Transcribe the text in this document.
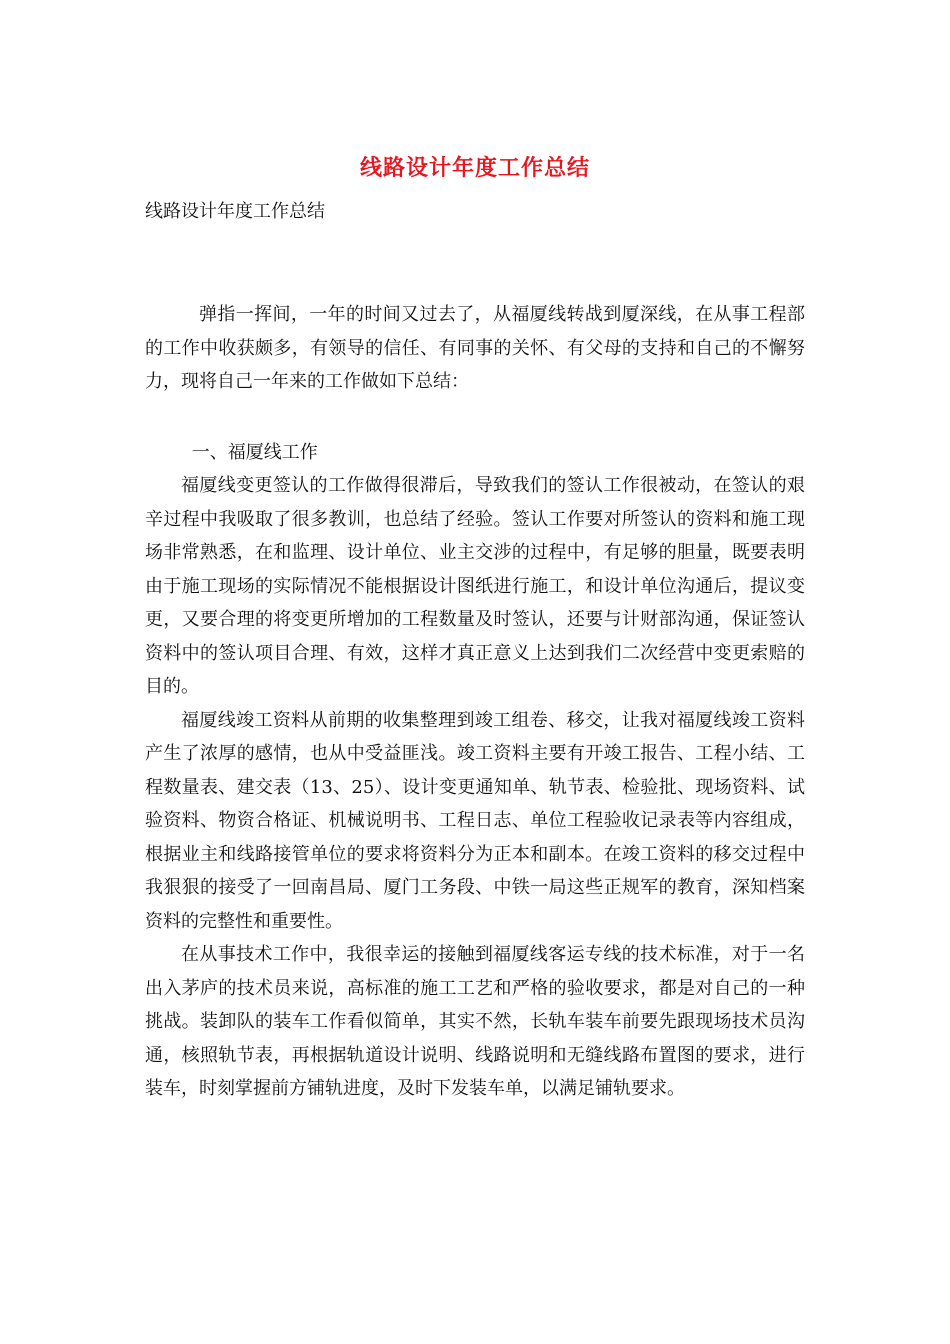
线路设计年度工作总结
线路设计年度工作总结

弹指一挥间，一年的时间又过去了，从福厦线转战到厦深线，在从事工程部的工作中收获颇多，有领导的信任、有同事的关怀、有父母的支持和自己的不懈努力，现将自己一年来的工作做如下总结：

一、福厦线工作

福厦线变更签认的工作做得很滞后，导致我们的签认工作很被动，在签认的艰辛过程中我吸取了很多教训，也总结了经验。签认工作要对所签认的资料和施工现场非常熟悉，在和监理、设计单位、业主交涉的过程中，有足够的胆量，既要表明由于施工现场的实际情况不能根据设计图纸进行施工，和设计单位沟通后，提议变更，又要合理的将变更所增加的工程数量及时签认，还要与计财部沟通，保证签认资料中的签认项目合理、有效，这样才真正意义上达到我们二次经营中变更索赔的目的。

福厦线竣工资料从前期的收集整理到竣工组卷、移交，让我对福厦线竣工资料产生了浓厚的感情，也从中受益匪浅。竣工资料主要有开竣工报告、工程小结、工程数量表、建交表（13、25）、设计变更通知单、轨节表、检验批、现场资料、试验资料、物资合格证、机械说明书、工程日志、单位工程验收记录表等内容组成，根据业主和线路接管单位的要求将资料分为正本和副本。在竣工资料的移交过程中我狠狠的接受了一回南昌局、厦门工务段、中铁一局这些正规军的教育，深知档案资料的完整性和重要性。

在从事技术工作中，我很幸运的接触到福厦线客运专线的技术标准，对于一名出入茅庐的技术员来说，高标准的施工工艺和严格的验收要求，都是对自己的一种挑战。装卸队的装车工作看似简单，其实不然，长轨车装车前要先跟现场技术员沟通，核照轨节表，再根据轨道设计说明、线路说明和无缝线路布置图的要求，进行装车，时刻掌握前方铺轨进度，及时下发装车单，以满足铺轨要求。
